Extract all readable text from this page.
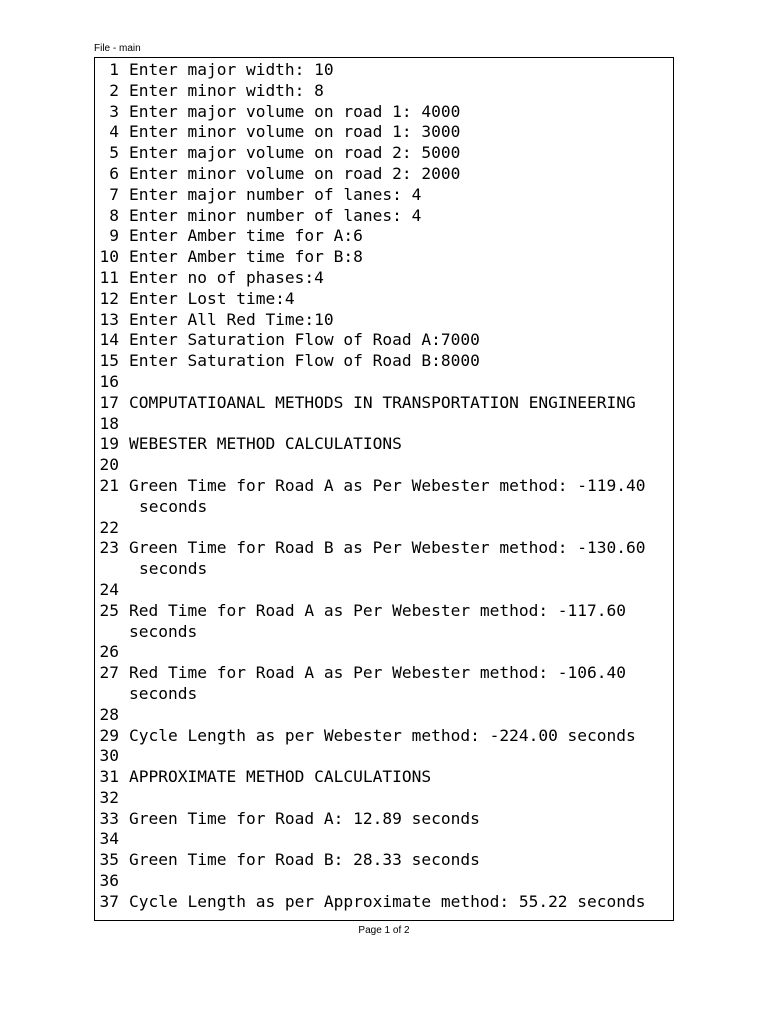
File - main
1 Enter major width: 10
2 Enter minor width: 8
3 Enter major volume on road 1: 4000
4 Enter minor volume on road 1: 3000
5 Enter major volume on road 2: 5000
6 Enter minor volume on road 2: 2000
7 Enter major number of lanes: 4
8 Enter minor number of lanes: 4
9 Enter Amber time for A:6
10 Enter Amber time for B:8
11 Enter no of phases:4
12 Enter Lost time:4
13 Enter All Red Time:10
14 Enter Saturation Flow of Road A:7000
15 Enter Saturation Flow of Road B:8000
16
17 COMPUTATIOANAL METHODS IN TRANSPORTATION ENGINEERING
18
19 WEBESTER METHOD CALCULATIONS
20
21 Green Time for Road A as Per Webester method: -119.40
seconds
22
23 Green Time for Road B as Per Webester method: -130.60
seconds
24
25 Red Time for Road A as Per Webester method: -117.60
seconds
26
27 Red Time for Road A as Per Webester method: -106.40
seconds
28
29 Cycle Length as per Webester method: -224.00 seconds
30
31 APPROXIMATE METHOD CALCULATIONS
32
33 Green Time for Road A: 12.89 seconds
34
35 Green Time for Road B: 28.33 seconds
36
37 Cycle Length as per Approximate method: 55.22 seconds
Page 1 of 2
